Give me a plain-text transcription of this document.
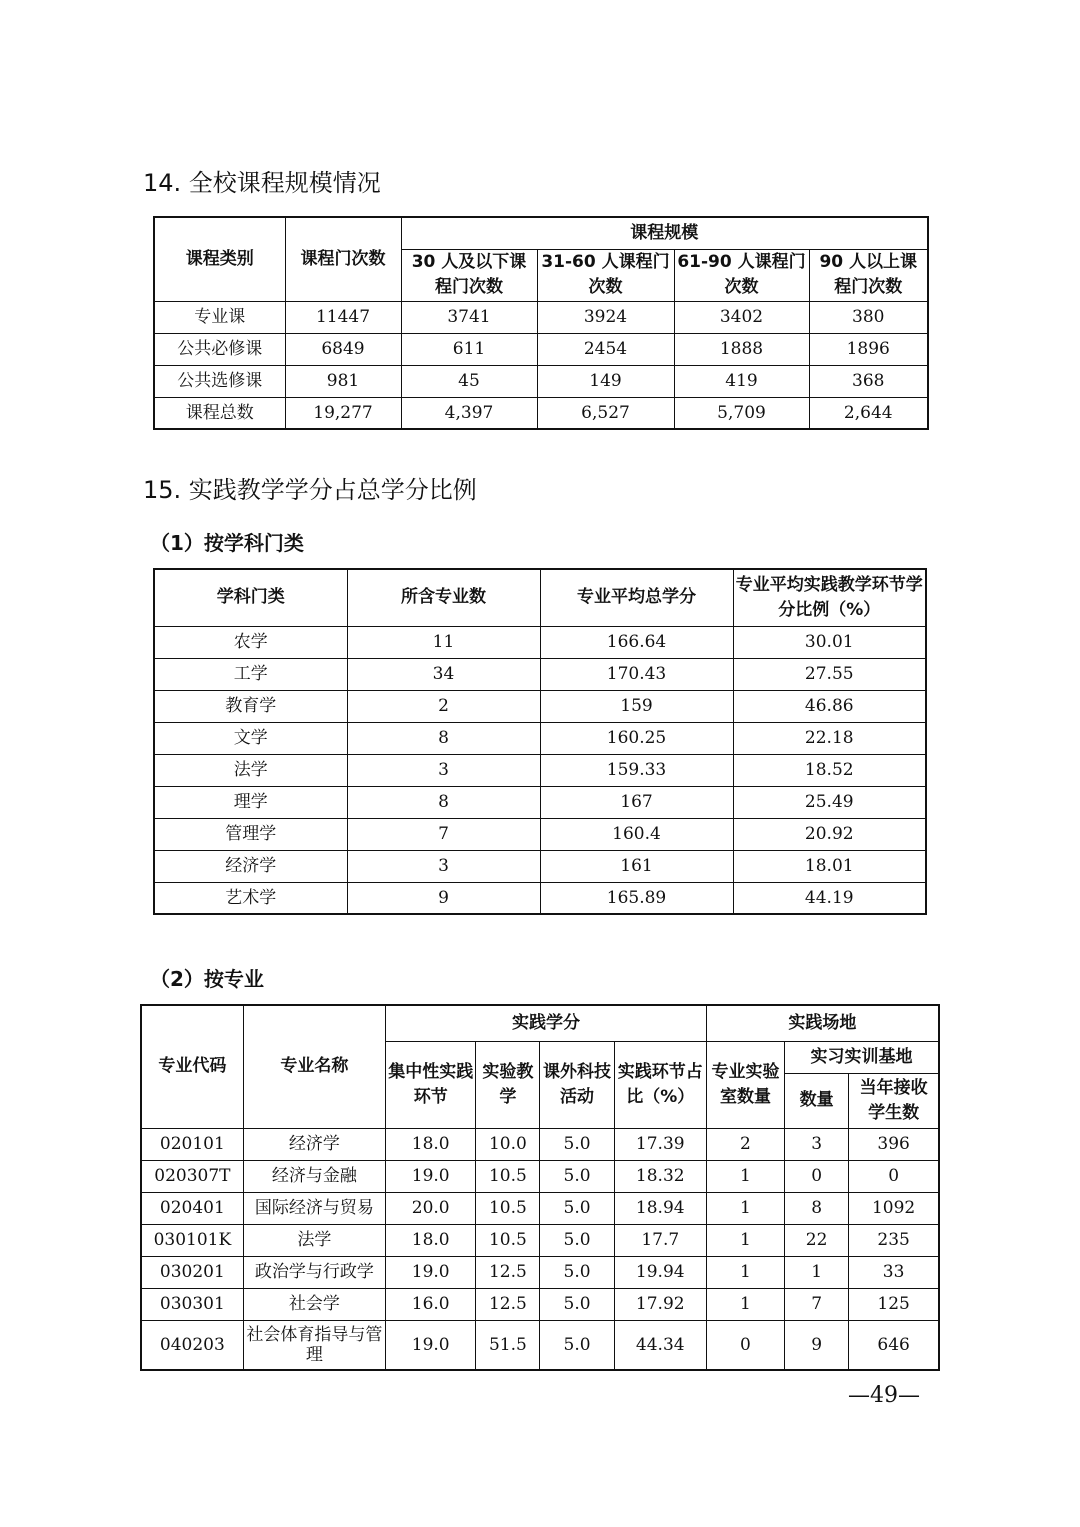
14. 全校课程规模情况
课程类别	课程门次数	课程规模			
		30 人及以下课程门次数	31-60 人课程门次数	61-90 人课程门次数	90 人以上课程门次数
专业课	11447	3741	3924	3402	380
公共必修课	6849	611	2454	1888	1896
公共选修课	981	45	149	419	368
课程总数	19,277	4,397	6,527	5,709	2,644
15. 实践教学学分占总学分比例
（1）按学科门类
学科门类	所含专业数	专业平均总学分	专业平均实践教学环节学分比例（%）
农学	11	166.64	30.01
工学	34	170.43	27.55
教育学	2	159	46.86
文学	8	160.25	22.18
法学	3	159.33	18.52
理学	8	167	25.49
管理学	7	160.4	20.92
经济学	3	161	18.01
艺术学	9	165.89	44.19
（2）按专业
专业代码	专业名称	实践学分				实践场地		
		集中性实践环节	实验教学	课外科技活动	实践环节占比（%）	专业实验室数量	实习实训基地	
							数量	当年接收学生数
020101	经济学	18.0	10.0	5.0	17.39	2	3	396
020307T	经济与金融	19.0	10.5	5.0	18.32	1	0	0
020401	国际经济与贸易	20.0	10.5	5.0	18.94	1	8	1092
030101K	法学	18.0	10.5	5.0	17.7	1	22	235
030201	政治学与行政学	19.0	12.5	5.0	19.94	1	1	33
030301	社会学	16.0	12.5	5.0	17.92	1	7	125
040203	社会体育指导与管理	19.0	51.5	5.0	44.34	0	9	646
—49—
